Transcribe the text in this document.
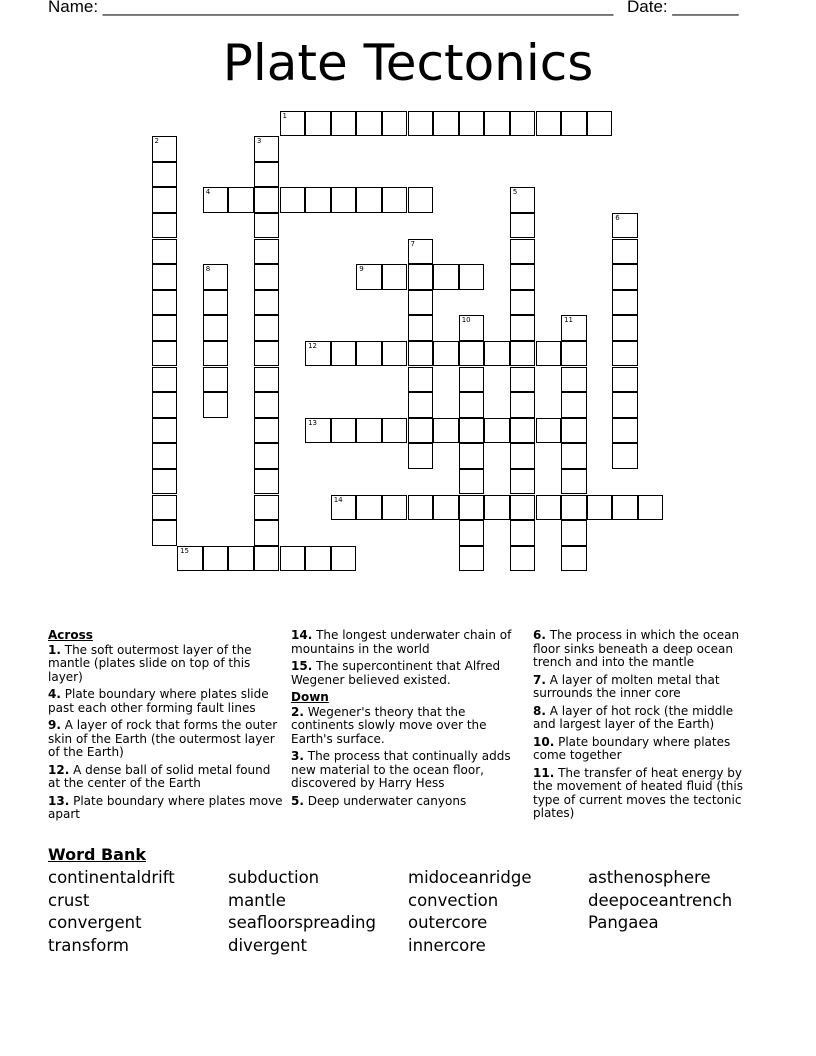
Name: ______________________________________________________ Date: _______
Plate Tectonics
1
2	3
4	5
6
7
8	9
10	11
12
13
14
15
Across
1. The soft outermost layer of the mantle (plates slide on top of this layer)
4. Plate boundary where plates slide past each other forming fault lines
9. A layer of rock that forms the outer skin of the Earth (the outermost layer of the Earth)
12. A dense ball of solid metal found at the center of the Earth
13. Plate boundary where plates move apart
14. The longest underwater chain of mountains in the world
15. The supercontinent that Alfred Wegener believed existed.
Down
2. Wegener's theory that the continents slowly move over the Earth's surface.
3. The process that continually adds new material to the ocean floor, discovered by Harry Hess
5. Deep underwater canyons
6. The process in which the ocean floor sinks beneath a deep ocean trench and into the mantle
7. A layer of molten metal that surrounds the inner core
8. A layer of hot rock (the middle and largest layer of the Earth)
10. Plate boundary where plates come together
11. The transfer of heat energy by the movement of heated fluid (this type of current moves the tectonic plates)
Word Bank
continentaldrift
crust
convergent
transform
subduction
mantle
seafloorspreading
divergent
midoceanridge
convection
outercore
innercore
asthenosphere
deepoceantrench
Pangaea
